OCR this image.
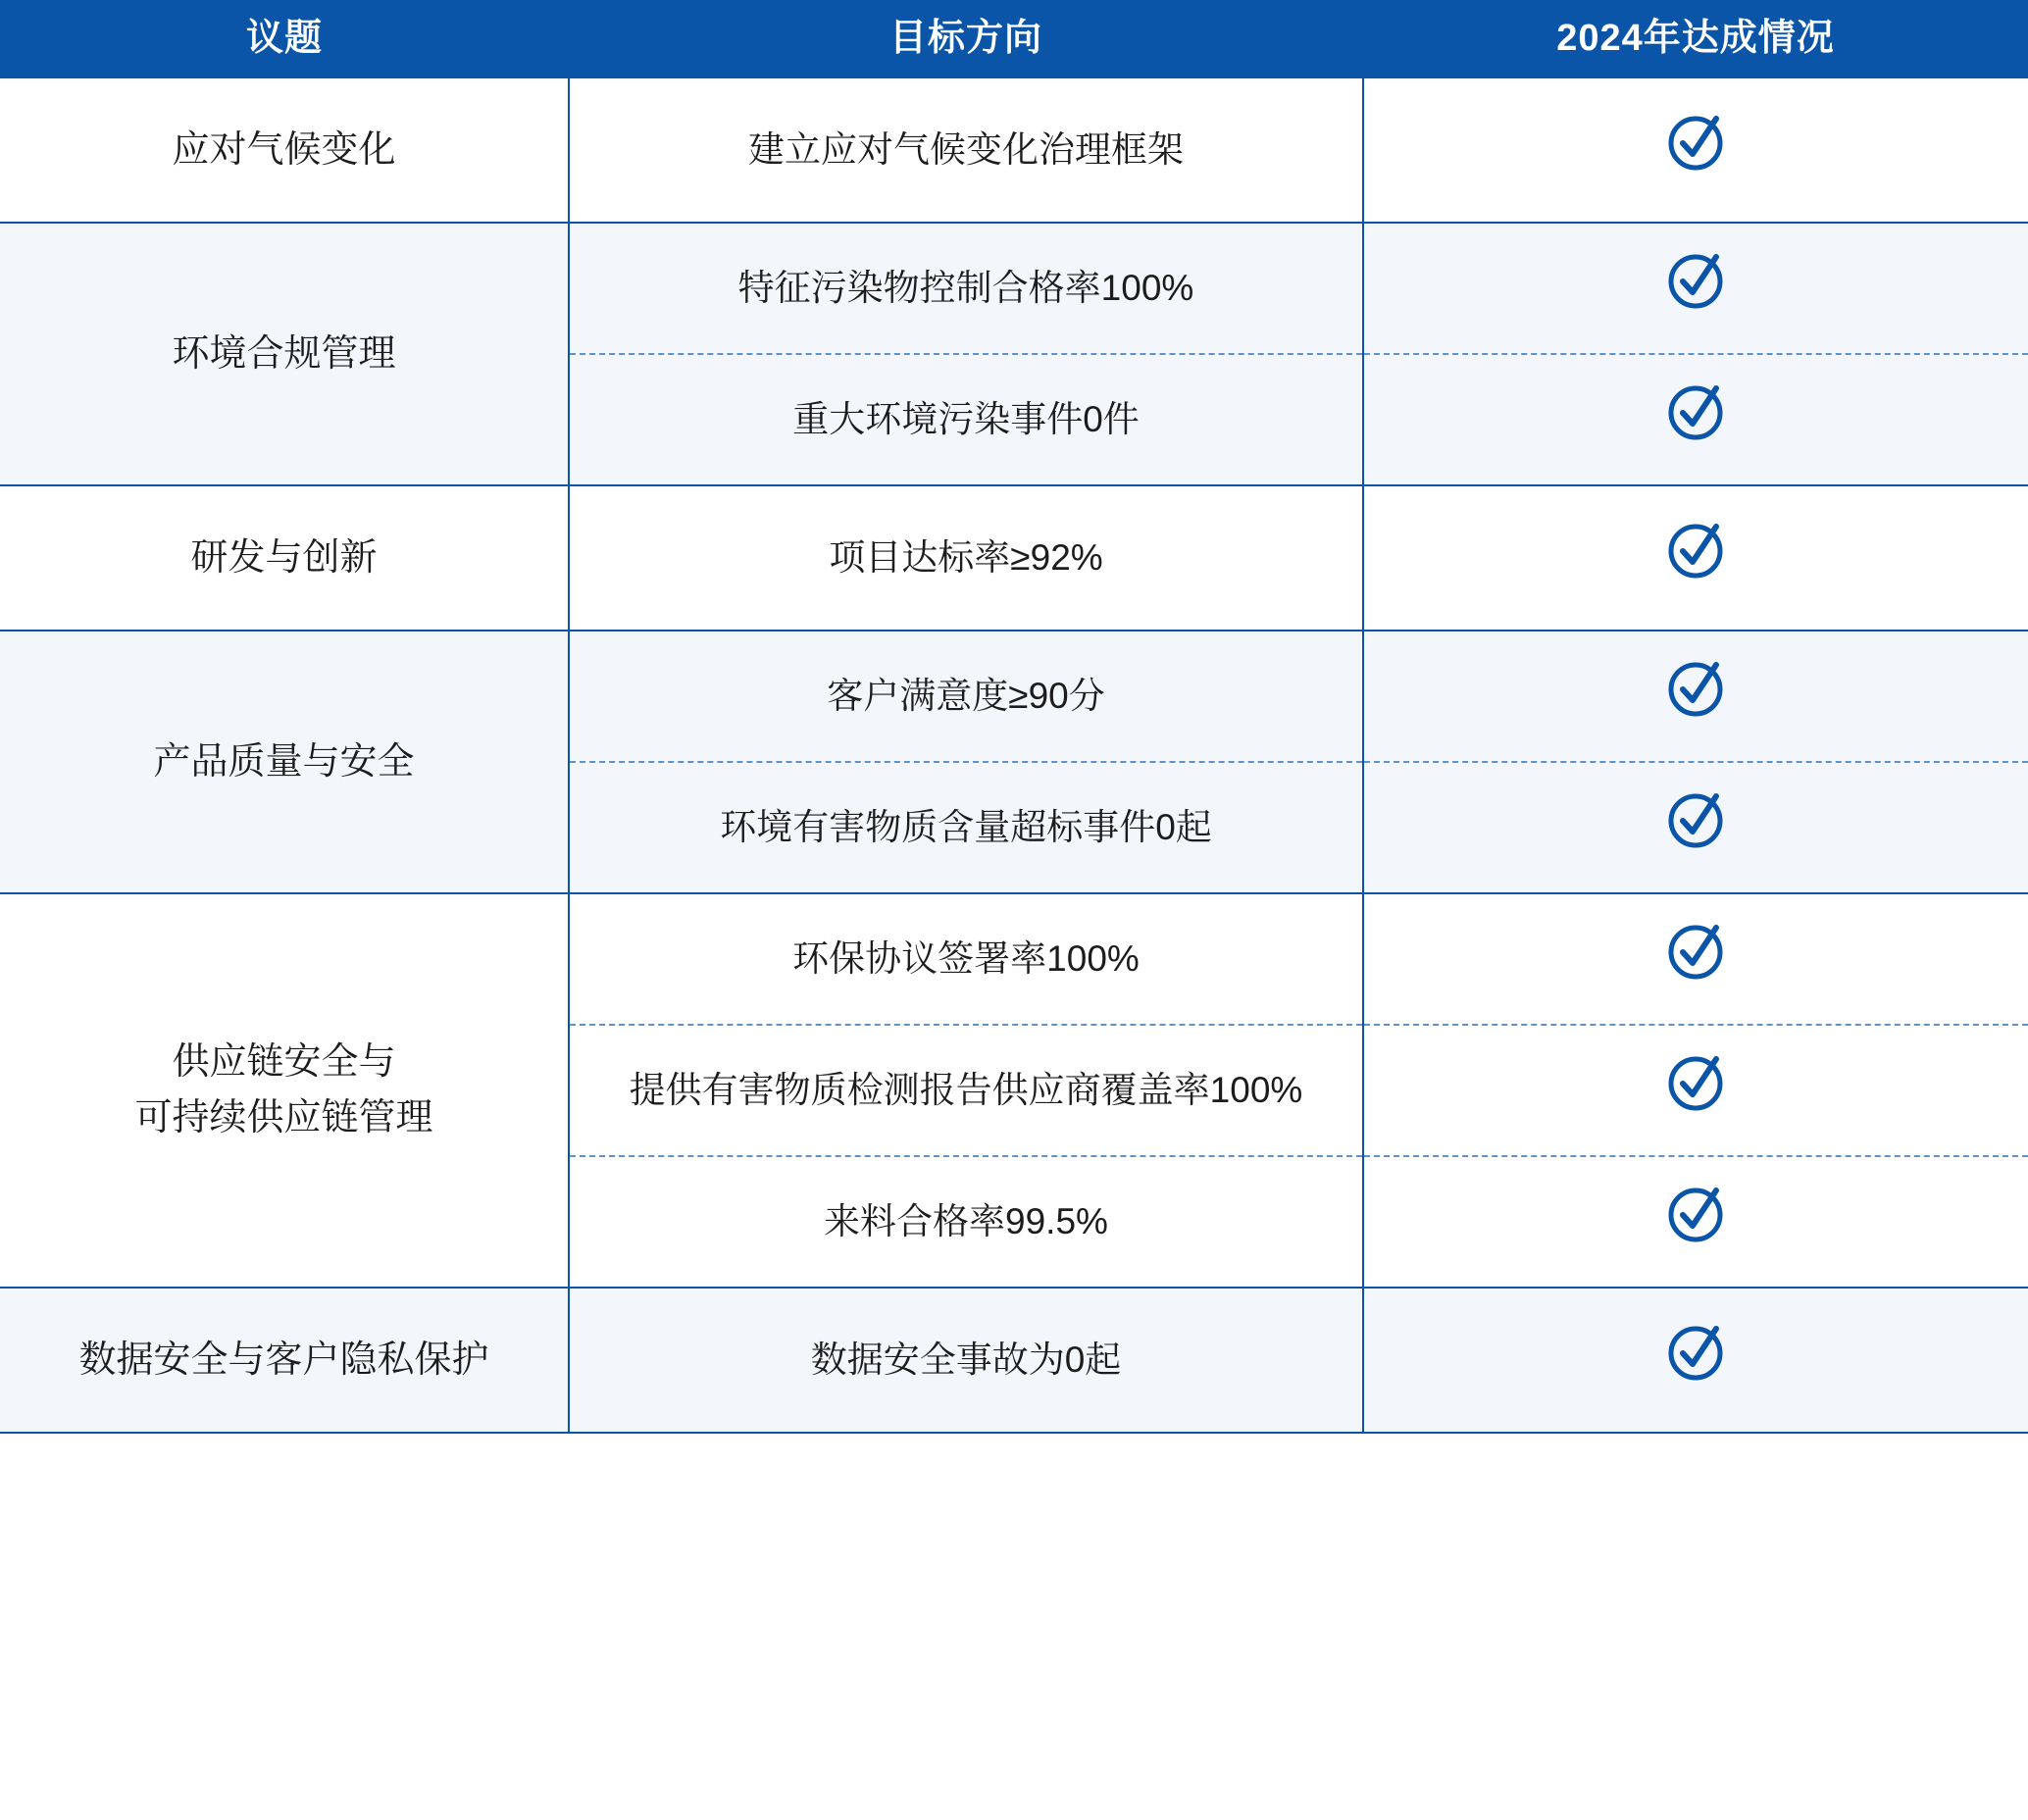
议题	目标方向	2024年达成情况
应对气候变化	建立应对气候变化治理框架	

环境合规管理	特征污染物控制合格率100%	

	重大环境污染事件0件	

研发与创新	项目达标率≥92%	

产品质量与安全	客户满意度≥90分	

	环境有害物质含量超标事件0起	

供应链安全与
可持续供应链管理	环保协议签署率100%	

	提供有害物质检测报告供应商覆盖率100%	

	来料合格率99.5%	

数据安全与客户隐私保护	数据安全事故为0起	
